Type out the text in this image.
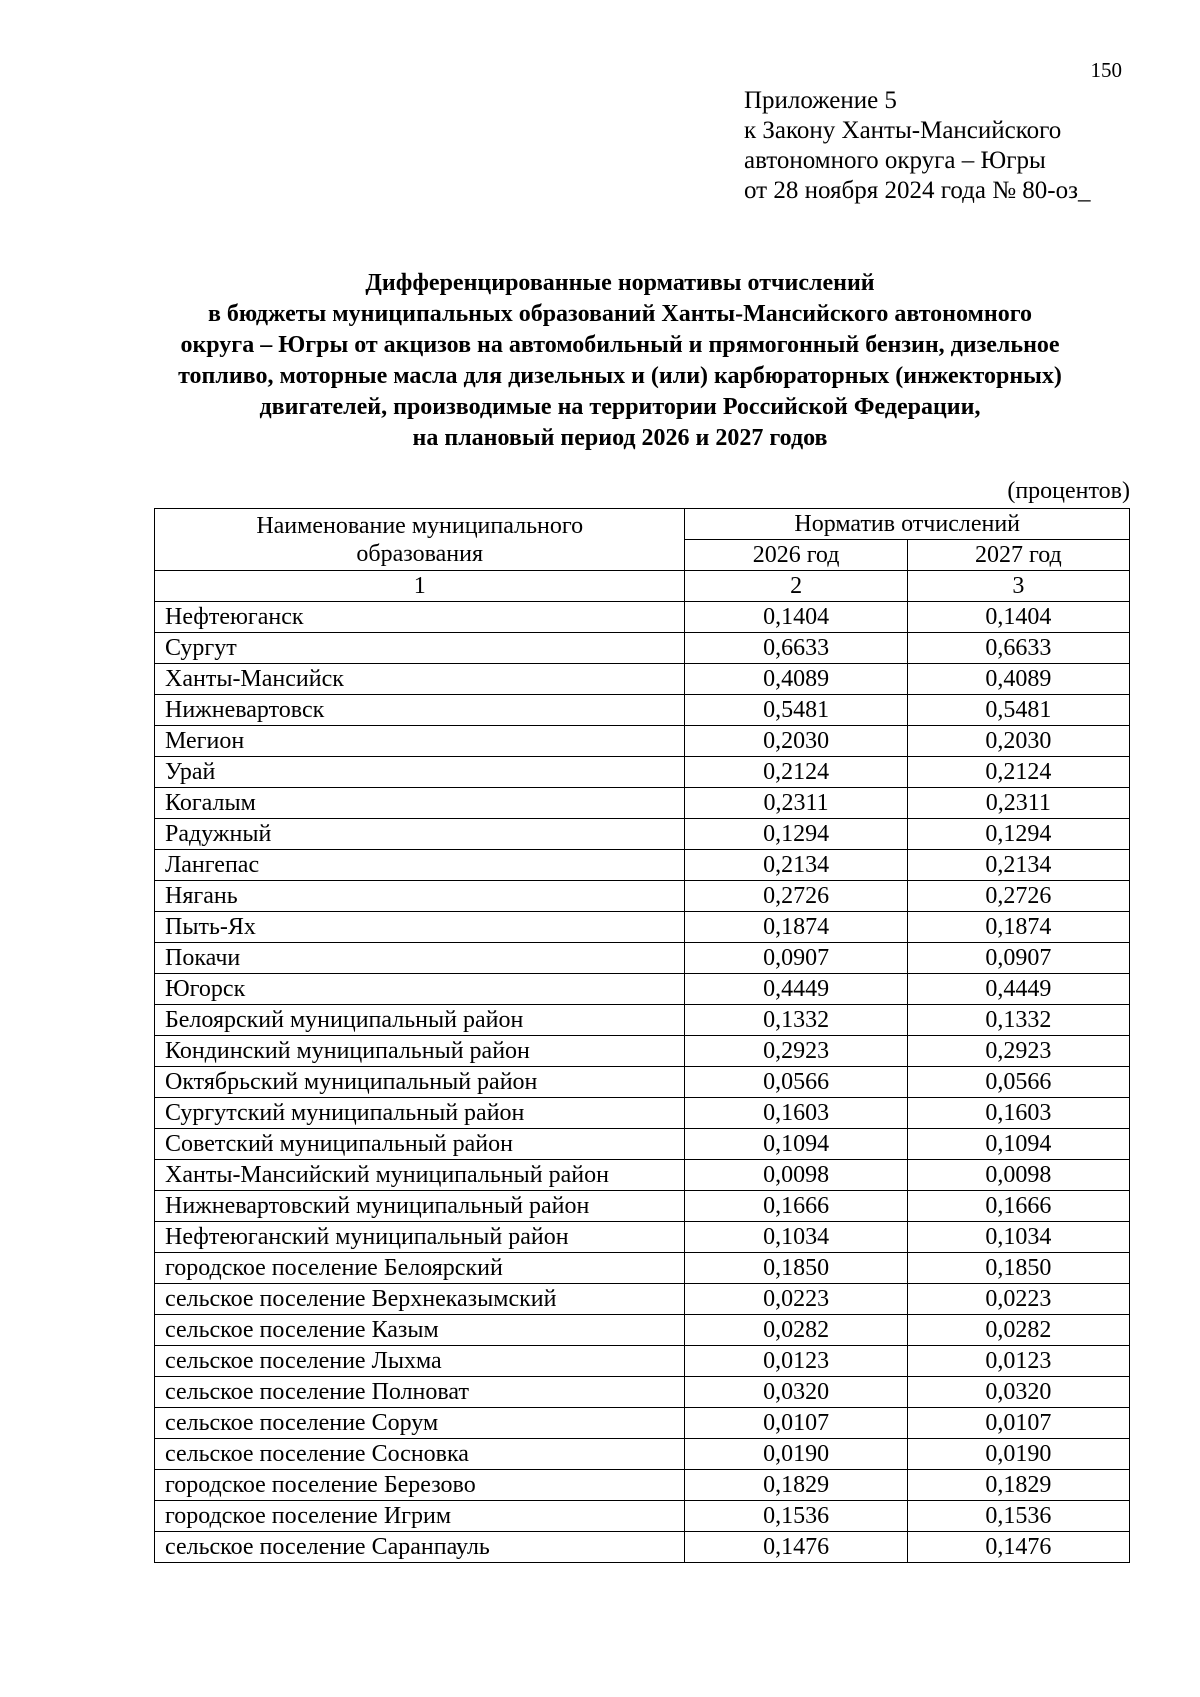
150
Приложение 5
к Закону Ханты-Мансийского
автономного округа – Югры
от 28 ноября 2024 года № 80-оз_
Дифференцированные нормативы отчислений
в бюджеты муниципальных образований Ханты-Мансийского автономного
округа – Югры от акцизов на автомобильный и прямогонный бензин, дизельное
топливо, моторные масла для дизельных и (или) карбюраторных (инжекторных)
двигателей, производимые на территории Российской Федерации,
на плановый период 2026 и 2027 годов
(процентов)
Наименование муниципального
образования	Норматив отчислений	
	2026 год	2027 год
1	2	3
Нефтеюганск	0,1404	0,1404
Сургут	0,6633	0,6633
Ханты-Мансийск	0,4089	0,4089
Нижневартовск	0,5481	0,5481
Мегион	0,2030	0,2030
Урай	0,2124	0,2124
Когалым	0,2311	0,2311
Радужный	0,1294	0,1294
Лангепас	0,2134	0,2134
Нягань	0,2726	0,2726
Пыть-Ях	0,1874	0,1874
Покачи	0,0907	0,0907
Югорск	0,4449	0,4449
Белоярский муниципальный район	0,1332	0,1332
Кондинский муниципальный район	0,2923	0,2923
Октябрьский муниципальный район	0,0566	0,0566
Сургутский муниципальный район	0,1603	0,1603
Советский муниципальный район	0,1094	0,1094
Ханты-Мансийский муниципальный район	0,0098	0,0098
Нижневартовский муниципальный район	0,1666	0,1666
Нефтеюганский муниципальный район	0,1034	0,1034
городское поселение Белоярский	0,1850	0,1850
сельское поселение Верхнеказымский	0,0223	0,0223
сельское поселение Казым	0,0282	0,0282
сельское поселение Лыхма	0,0123	0,0123
сельское поселение Полноват	0,0320	0,0320
сельское поселение Сорум	0,0107	0,0107
сельское поселение Сосновка	0,0190	0,0190
городское поселение Березово	0,1829	0,1829
городское поселение Игрим	0,1536	0,1536
сельское поселение Саранпауль	0,1476	0,1476
